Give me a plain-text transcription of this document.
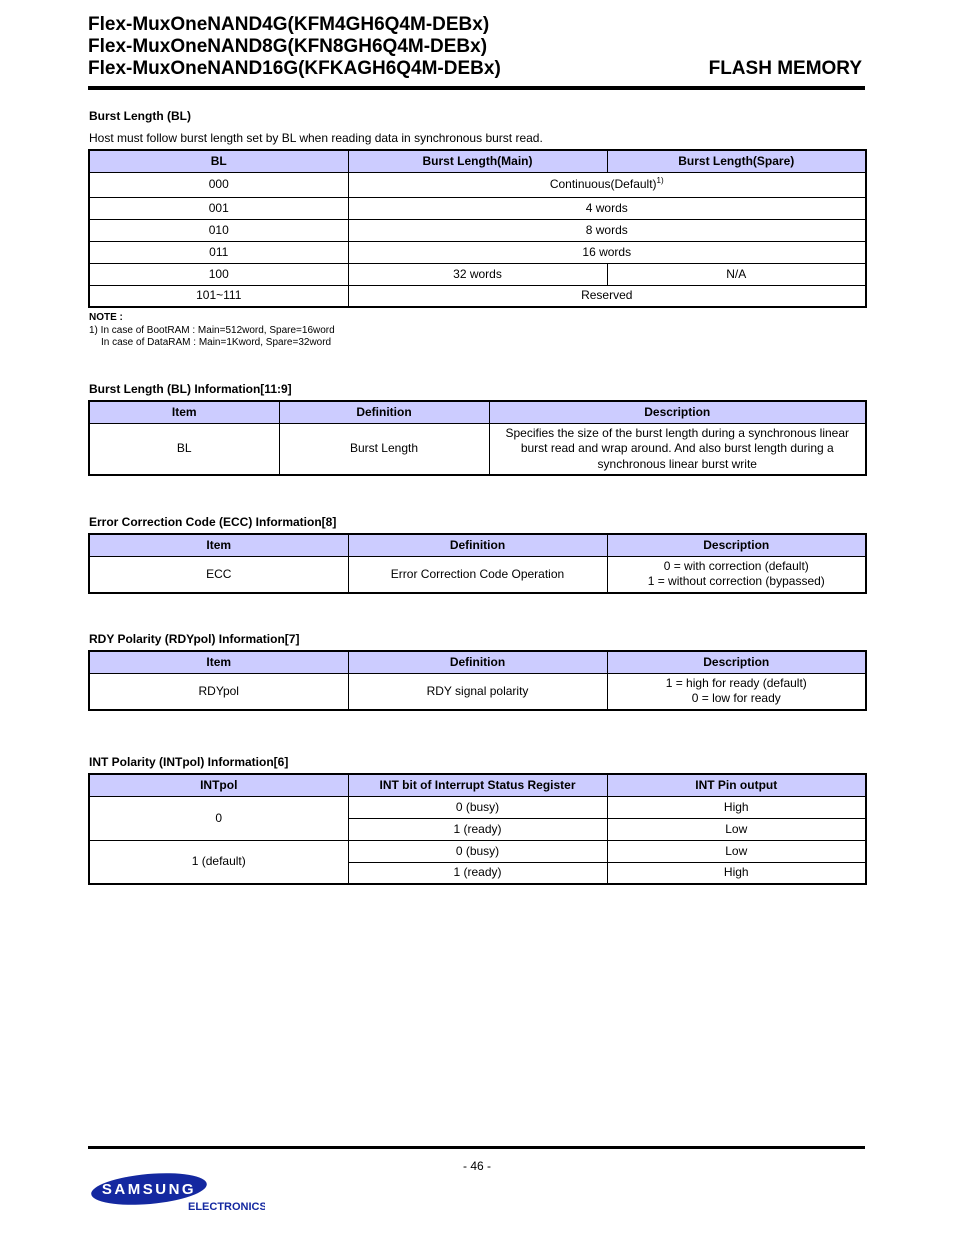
Flex-MuxOneNAND4G(KFM4GH6Q4M-DEBx)
Flex-MuxOneNAND8G(KFN8GH6Q4M-DEBx)
Flex-MuxOneNAND16G(KFKAGH6Q4M-DEBx)	FLASH MEMORY
Burst Length (BL)
Host must follow burst length set by BL when reading data in synchronous burst read.
BL	Burst Length(Main)	Burst Length(Spare)
000	Continuous(Default)$^{1)}$
001	4 words	
010	8 words	
011	16 words	
100	32 words	N/A
101~111	Reserved	
NOTE :
1) In case of BootRAM : Main=512word, Spare=16word
In case of DataRAM : Main=1Kword, Spare=32word
Burst Length (BL) Information[11:9]
Item	Definition	Description
BL	Burst Length	Specifies the size of the burst length during a synchronous linear burst read and wrap around. And also burst length during a synchronous linear burst write
Error Correction Code (ECC) Information[8]
Item	Definition	Description
ECC	Error Correction Code Operation	0 = with correction (default)
1 = without correction (bypassed)
RDY Polarity (RDYpol) Information[7]
Item	Definition	Description
RDYpol	RDY signal polarity	1 = high for ready (default)
0 = low for ready
INT Polarity (INTpol) Information[6]
INTpol	INT bit of Interrupt Status Register	INT Pin output
0	0 (busy)	High
	1 (ready)	Low
1 (default)	0 (busy)	Low
	1 (ready)	High
- 46 -
SAMSUNG
ELECTRONICS
